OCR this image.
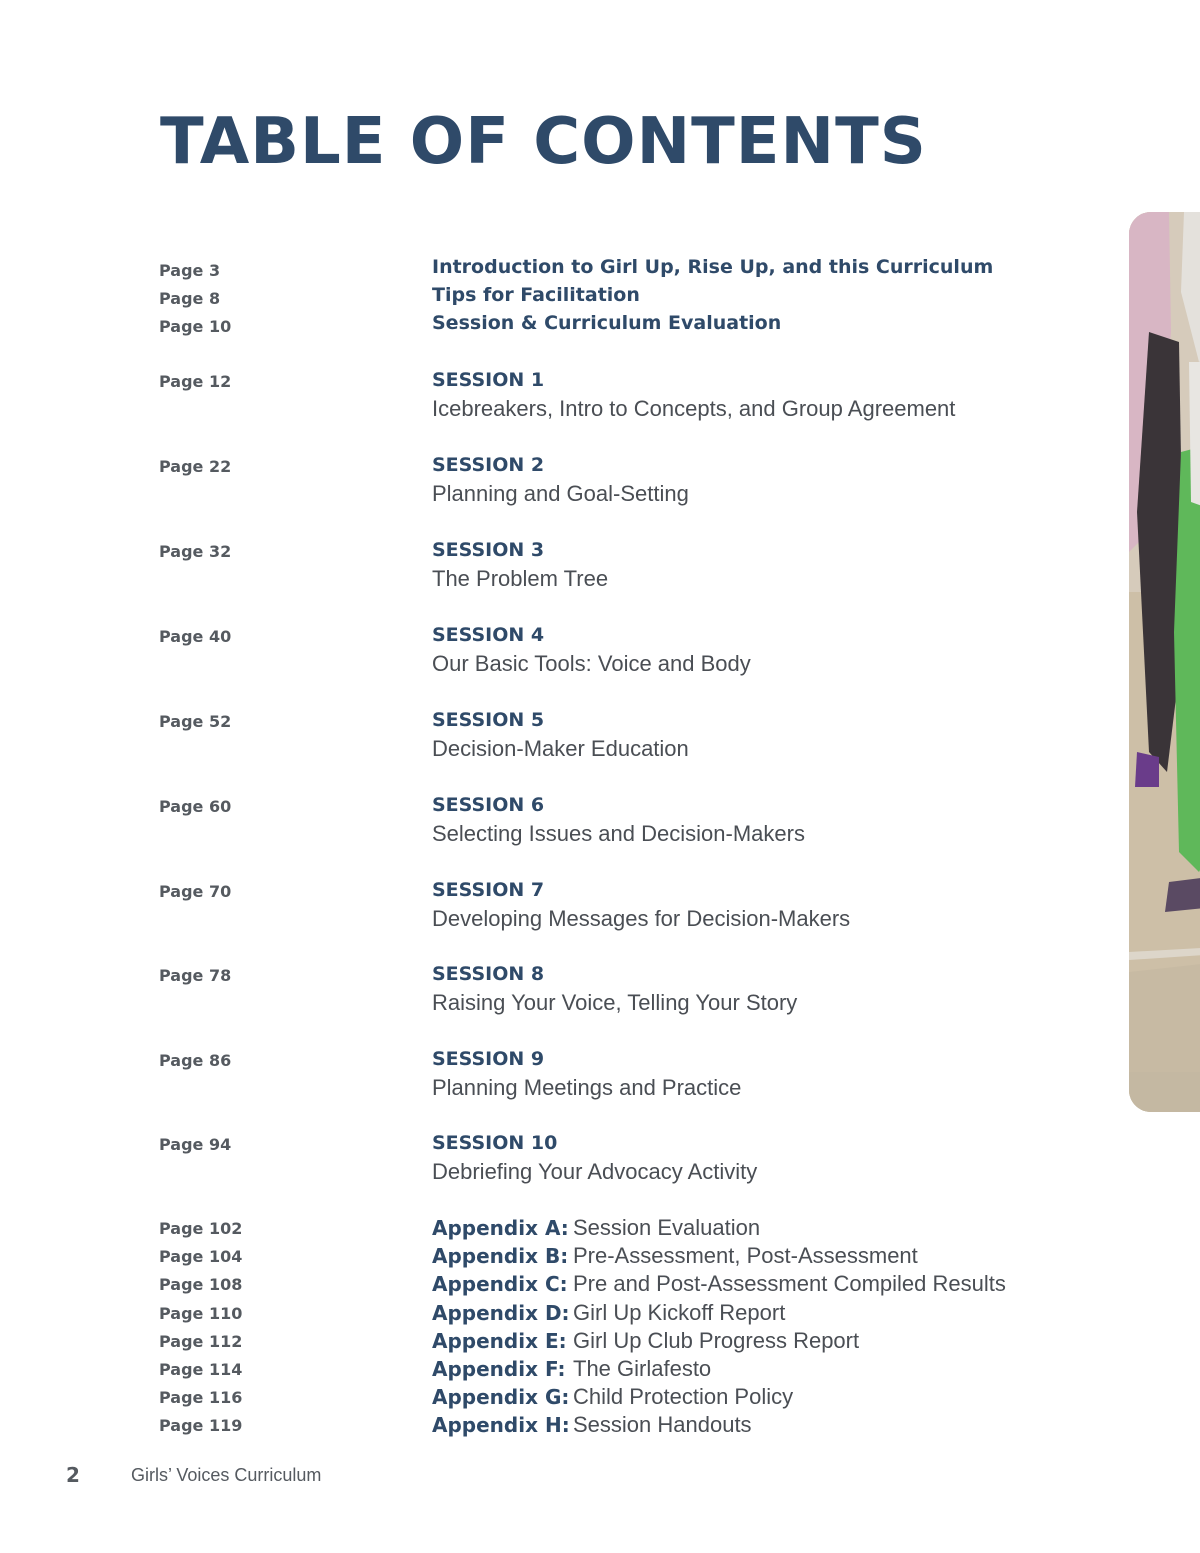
TABLE OF CONTENTS
Page 3	Introduction to Girl Up, Rise Up, and this Curriculum
Page 8	Tips for Facilitation
Page 10	Session & Curriculum Evaluation
Page 12	SESSION 1
Icebreakers, Intro to Concepts, and Group Agreement
Page 22	SESSION 2
Planning and Goal-Setting
Page 32	SESSION 3
The Problem Tree
Page 40	SESSION 4
Our Basic Tools: Voice and Body
Page 52	SESSION 5
Decision-Maker Education
Page 60	SESSION 6
Selecting Issues and Decision-Makers
Page 70	SESSION 7
Developing Messages for Decision-Makers
Page 78	SESSION 8
Raising Your Voice, Telling Your Story
Page 86	SESSION 9
Planning Meetings and Practice
Page 94	SESSION 10
Debriefing Your Advocacy Activity
Page 102	Appendix A: Session Evaluation
Page 104	Appendix B: Pre-Assessment, Post-Assessment
Page 108	Appendix C: Pre and Post-Assessment Compiled Results
Page 110	Appendix D: Girl Up Kickoff Report
Page 112	Appendix E: Girl Up Club Progress Report
Page 114	Appendix F: The Girlafesto
Page 116	Appendix G: Child Protection Policy
Page 119	Appendix H: Session Handouts
2	Girls’ Voices Curriculum
